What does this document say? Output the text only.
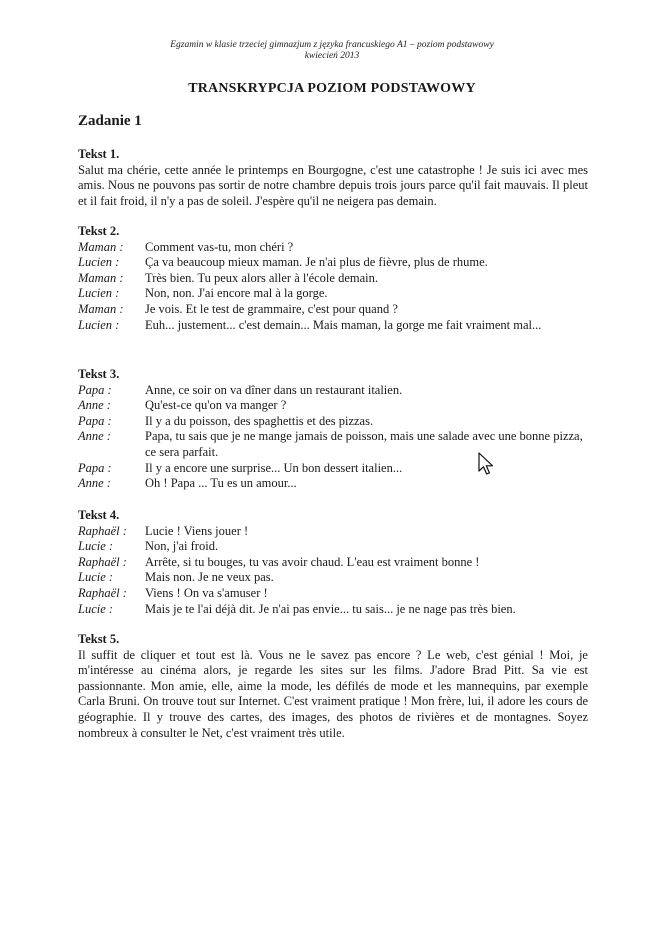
Egzamin w klasie trzeciej gimnazjum z języka francuskiego A1 – poziom podstawowy
kwiecień 2013
TRANSKRYPCJA POZIOM PODSTAWOWY
Zadanie 1
Tekst 1.

Salut ma chérie, cette année le printemps en Bourgogne, c'est une catastrophe ! Je suis ici avec mes amis. Nous ne pouvons pas sortir de notre chambre depuis trois jours parce qu'il fait mauvais. Il pleut et il fait froid, il n'y a pas de soleil. J'espère qu'il ne neigera pas demain.

Tekst 2.
Maman :	Comment vas-tu, mon chéri ?
Lucien :	Ça va beaucoup mieux maman. Je n'ai plus de fièvre, plus de rhume.
Maman :	Très bien. Tu peux alors aller à l'école demain.
Lucien :	Non, non. J'ai encore mal à la gorge.
Maman :	Je vois. Et le test de grammaire, c'est pour quand ?
Lucien :	Euh... justement... c'est demain... Mais maman, la gorge me fait vraiment mal...
Tekst 3.
Papa :	Anne, ce soir on va dîner dans un restaurant italien.
Anne :	Qu'est-ce qu'on va manger ?
Papa :	Il y a du poisson, des spaghettis et des pizzas.
Anne :	Papa, tu sais que je ne mange jamais de poisson, mais une salade avec une bonne pizza, ce sera parfait.
Papa :	Il y a encore une surprise... Un bon dessert italien...
Anne :	Oh ! Papa ... Tu es un amour...
Tekst 4.
Raphaël :	Lucie ! Viens jouer !
Lucie :	Non, j'ai froid.
Raphaël :	Arrête, si tu bouges, tu vas avoir chaud. L'eau est vraiment bonne !
Lucie :	Mais non. Je ne veux pas.
Raphaël :	Viens ! On va s'amuser !
Lucie :	Mais je te l'ai déjà dit. Je n'ai pas envie... tu sais... je ne nage pas très bien.
Tekst 5.

Il suffit de cliquer et tout est là. Vous ne le savez pas encore ? Le web, c'est génial ! Moi, je m'intéresse au cinéma alors, je regarde les sites sur les films. J'adore Brad Pitt. Sa vie est passionnante. Mon amie, elle, aime la mode, les défilés de mode et les mannequins, par exemple Carla Bruni. On trouve tout sur Internet. C'est vraiment pratique ! Mon frère, lui, il adore les cours de géographie. Il y trouve des cartes, des images, des photos de rivières et de montagnes. Soyez nombreux à consulter le Net, c'est vraiment très utile.
